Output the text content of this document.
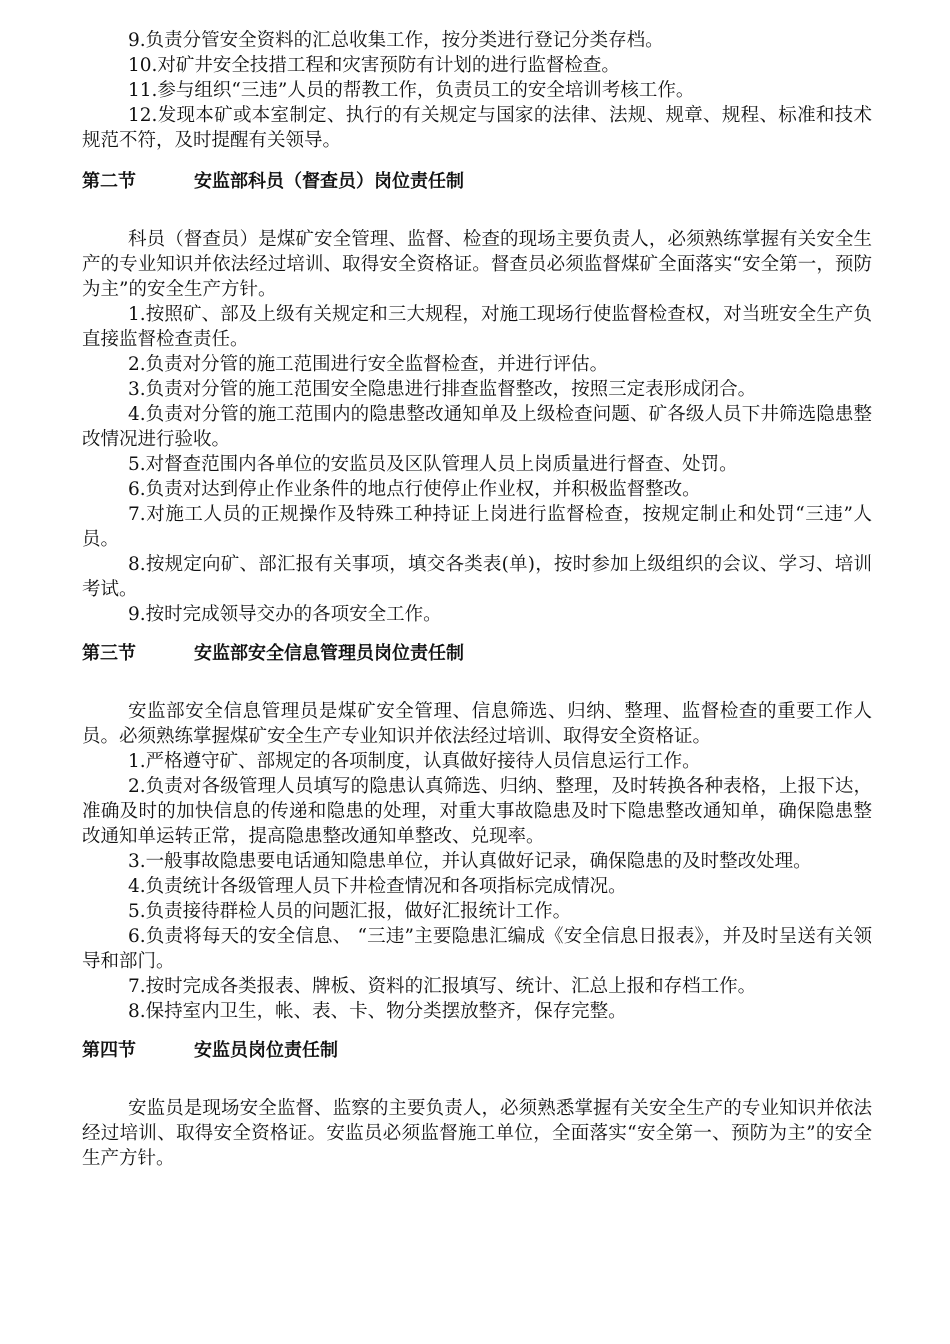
9.负责分管安全资料的汇总收集工作，按分类进行登记分类存档。

10.对矿井安全技措工程和灾害预防有计划的进行监督检查。

11.参与组织“三违”人员的帮教工作，负责员工的安全培训考核工作。

12.发现本矿或本室制定、执行的有关规定与国家的法律、法规、规章、规程、标准和技术规范不符，及时提醒有关领导。

第二节	安监部科员（督查员）岗位责任制

科员（督查员）是煤矿安全管理、监督、检查的现场主要负责人，必须熟练掌握有关安全生产的专业知识并依法经过培训、取得安全资格证。督查员必须监督煤矿全面落实“安全第一，预防为主”的安全生产方针。

1.按照矿、部及上级有关规定和三大规程，对施工现场行使监督检查权，对当班安全生产负直接监督检查责任。

2.负责对分管的施工范围进行安全监督检查，并进行评估。

3.负责对分管的施工范围安全隐患进行排查监督整改，按照三定表形成闭合。

4.负责对分管的施工范围内的隐患整改通知单及上级检查问题、矿各级人员下井筛选隐患整改情况进行验收。

5.对督查范围内各单位的安监员及区队管理人员上岗质量进行督查、处罚。

6.负责对达到停止作业条件的地点行使停止作业权，并积极监督整改。

7.对施工人员的正规操作及特殊工种持证上岗进行监督检查，按规定制止和处罚“三违”人员。

8.按规定向矿、部汇报有关事项，填交各类表(单)，按时参加上级组织的会议、学习、培训考试。

9.按时完成领导交办的各项安全工作。

第三节	安监部安全信息管理员岗位责任制

安监部安全信息管理员是煤矿安全管理、信息筛选、归纳、整理、监督检查的重要工作人员。必须熟练掌握煤矿安全生产专业知识并依法经过培训、取得安全资格证。

1.严格遵守矿、部规定的各项制度，认真做好接待人员信息运行工作。

2.负责对各级管理人员填写的隐患认真筛选、归纳、整理，及时转换各种表格，上报下达，准确及时的加快信息的传递和隐患的处理，对重大事故隐患及时下隐患整改通知单，确保隐患整改通知单运转正常，提高隐患整改通知单整改、兑现率。

3.一般事故隐患要电话通知隐患单位，并认真做好记录，确保隐患的及时整改处理。

4.负责统计各级管理人员下井检查情况和各项指标完成情况。

5.负责接待群检人员的问题汇报，做好汇报统计工作。

6.负责将每天的安全信息、 “三违”主要隐患汇编成《安全信息日报表》，并及时呈送有关领导和部门。

7.按时完成各类报表、牌板、资料的汇报填写、统计、汇总上报和存档工作。

8.保持室内卫生，帐、表、卡、物分类摆放整齐，保存完整。

第四节	安监员岗位责任制

安监员是现场安全监督、监察的主要负责人，必须熟悉掌握有关安全生产的专业知识并依法经过培训、取得安全资格证。安监员必须监督施工单位，全面落实“安全第一、预防为主”的安全生产方针。
